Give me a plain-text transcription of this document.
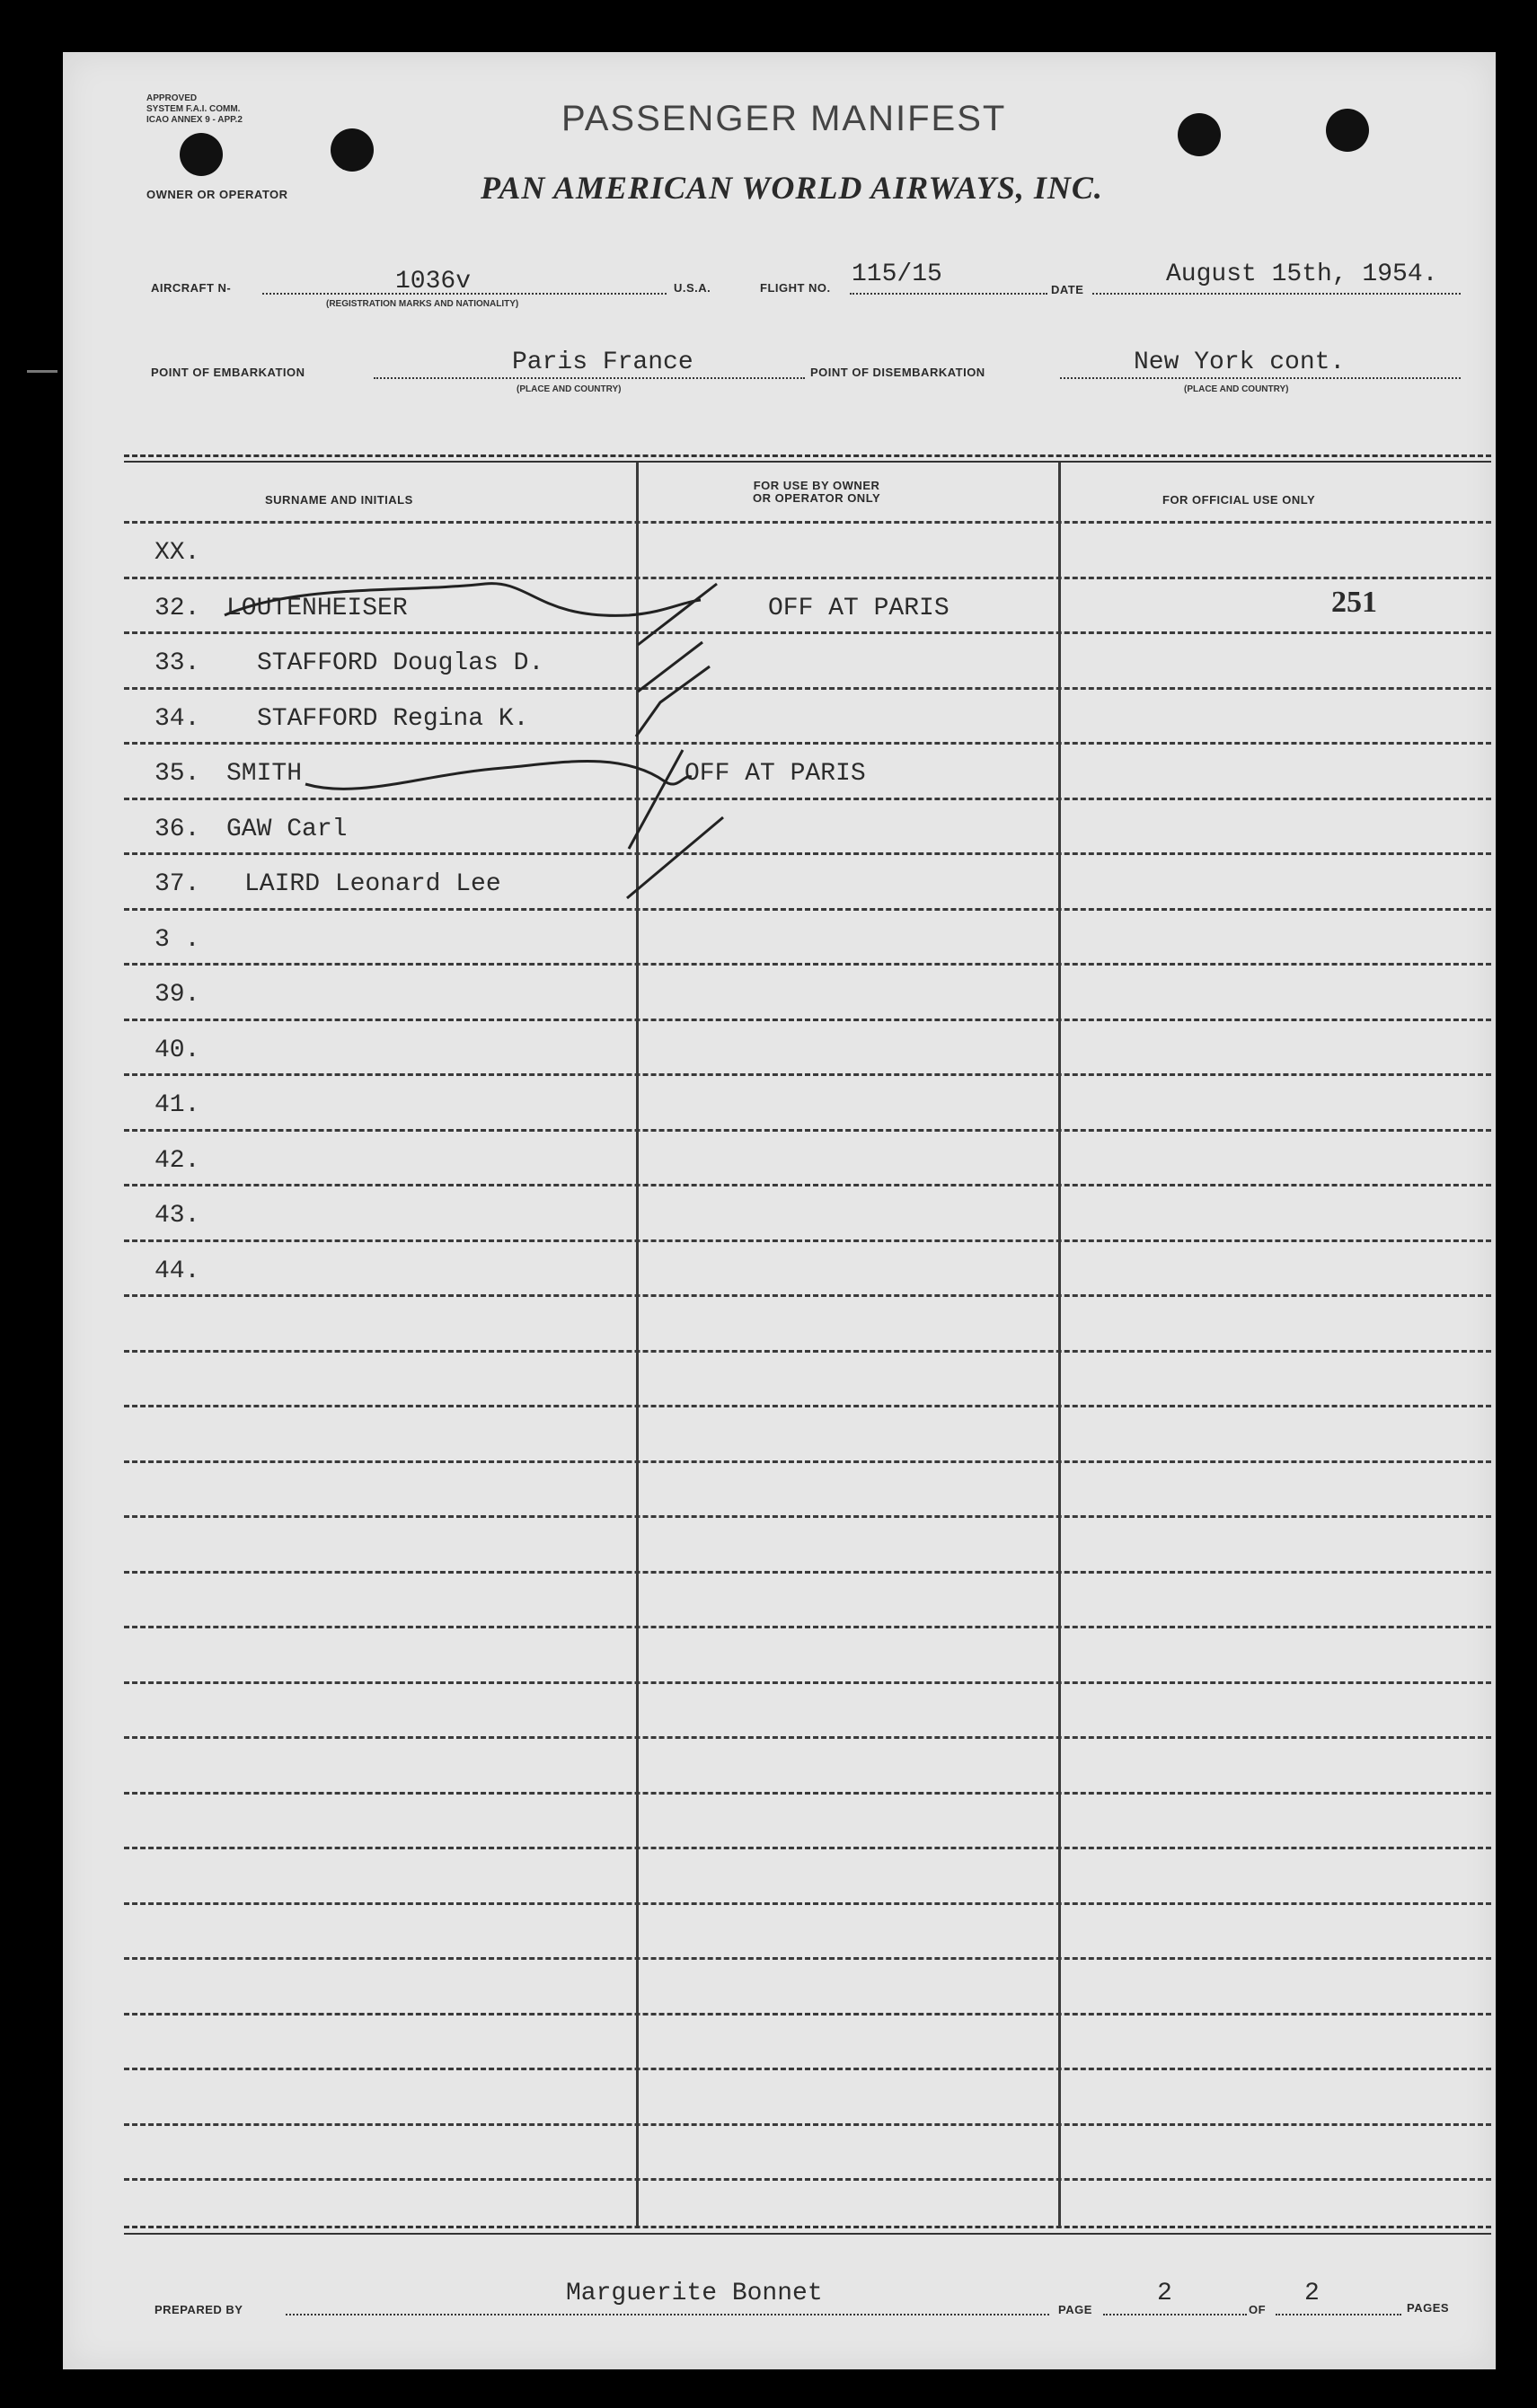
APPROVED
SYSTEM F.A.I. COMM.
ICAO ANNEX 9 - APP.2
OWNER OR OPERATOR
PASSENGER MANIFEST
PAN AMERICAN WORLD AIRWAYS, INC.
AIRCRAFT N-	1036v
(REGISTRATION MARKS AND NATIONALITY)
U.S.A.	FLIGHT NO. 115/15
DATE
August 15th, 1954.
POINT OF EMBARKATION	Paris France
(PLACE AND COUNTRY)
POINT OF DISEMBARKATION	New York cont.
(PLACE AND COUNTRY)
SURNAME AND INITIALS
FOR USE BY OWNER
OR OPERATOR ONLY	FOR OFFICIAL USE ONLY
XX.
32. LOUTENHEISER	OFF AT PARIS	251
33. STAFFORD Douglas D.
34. STAFFORD Regina K.
35. SMITH	OFF AT PARIS
36. GAW Carl
37. LAIRD Leonard Lee
3 .
39.
40.
41.
42.
43.
44.
PREPARED BY
Marguerite Bonnet
PAGE
2
OF
2
PAGES
